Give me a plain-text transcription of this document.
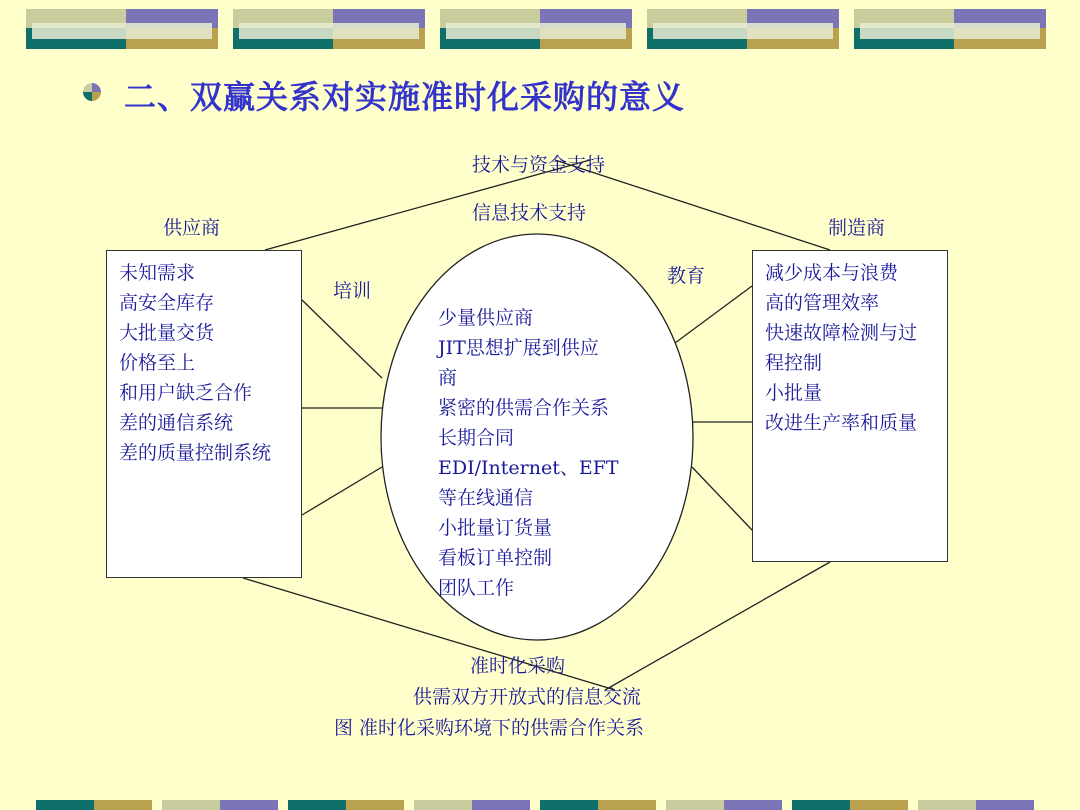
二、双赢关系对实施准时化采购的意义
技术与资金支持
信息技术支持
供应商	制造商
培训
教育
未知需求
高安全库存
大批量交货
价格至上
和用户缺乏合作
差的通信系统
差的质量控制系统
减少成本与浪费
高的管理效率
快速故障检测与过
程控制
小批量
改进生产率和质量
少量供应商
JIT思想扩展到供应
商
紧密的供需合作关系
长期合同
EDI/Internet、EFT
等在线通信
小批量订货量
看板订单控制
团队工作
准时化采购
供需双方开放式的信息交流
图 准时化采购环境下的供需合作关系
